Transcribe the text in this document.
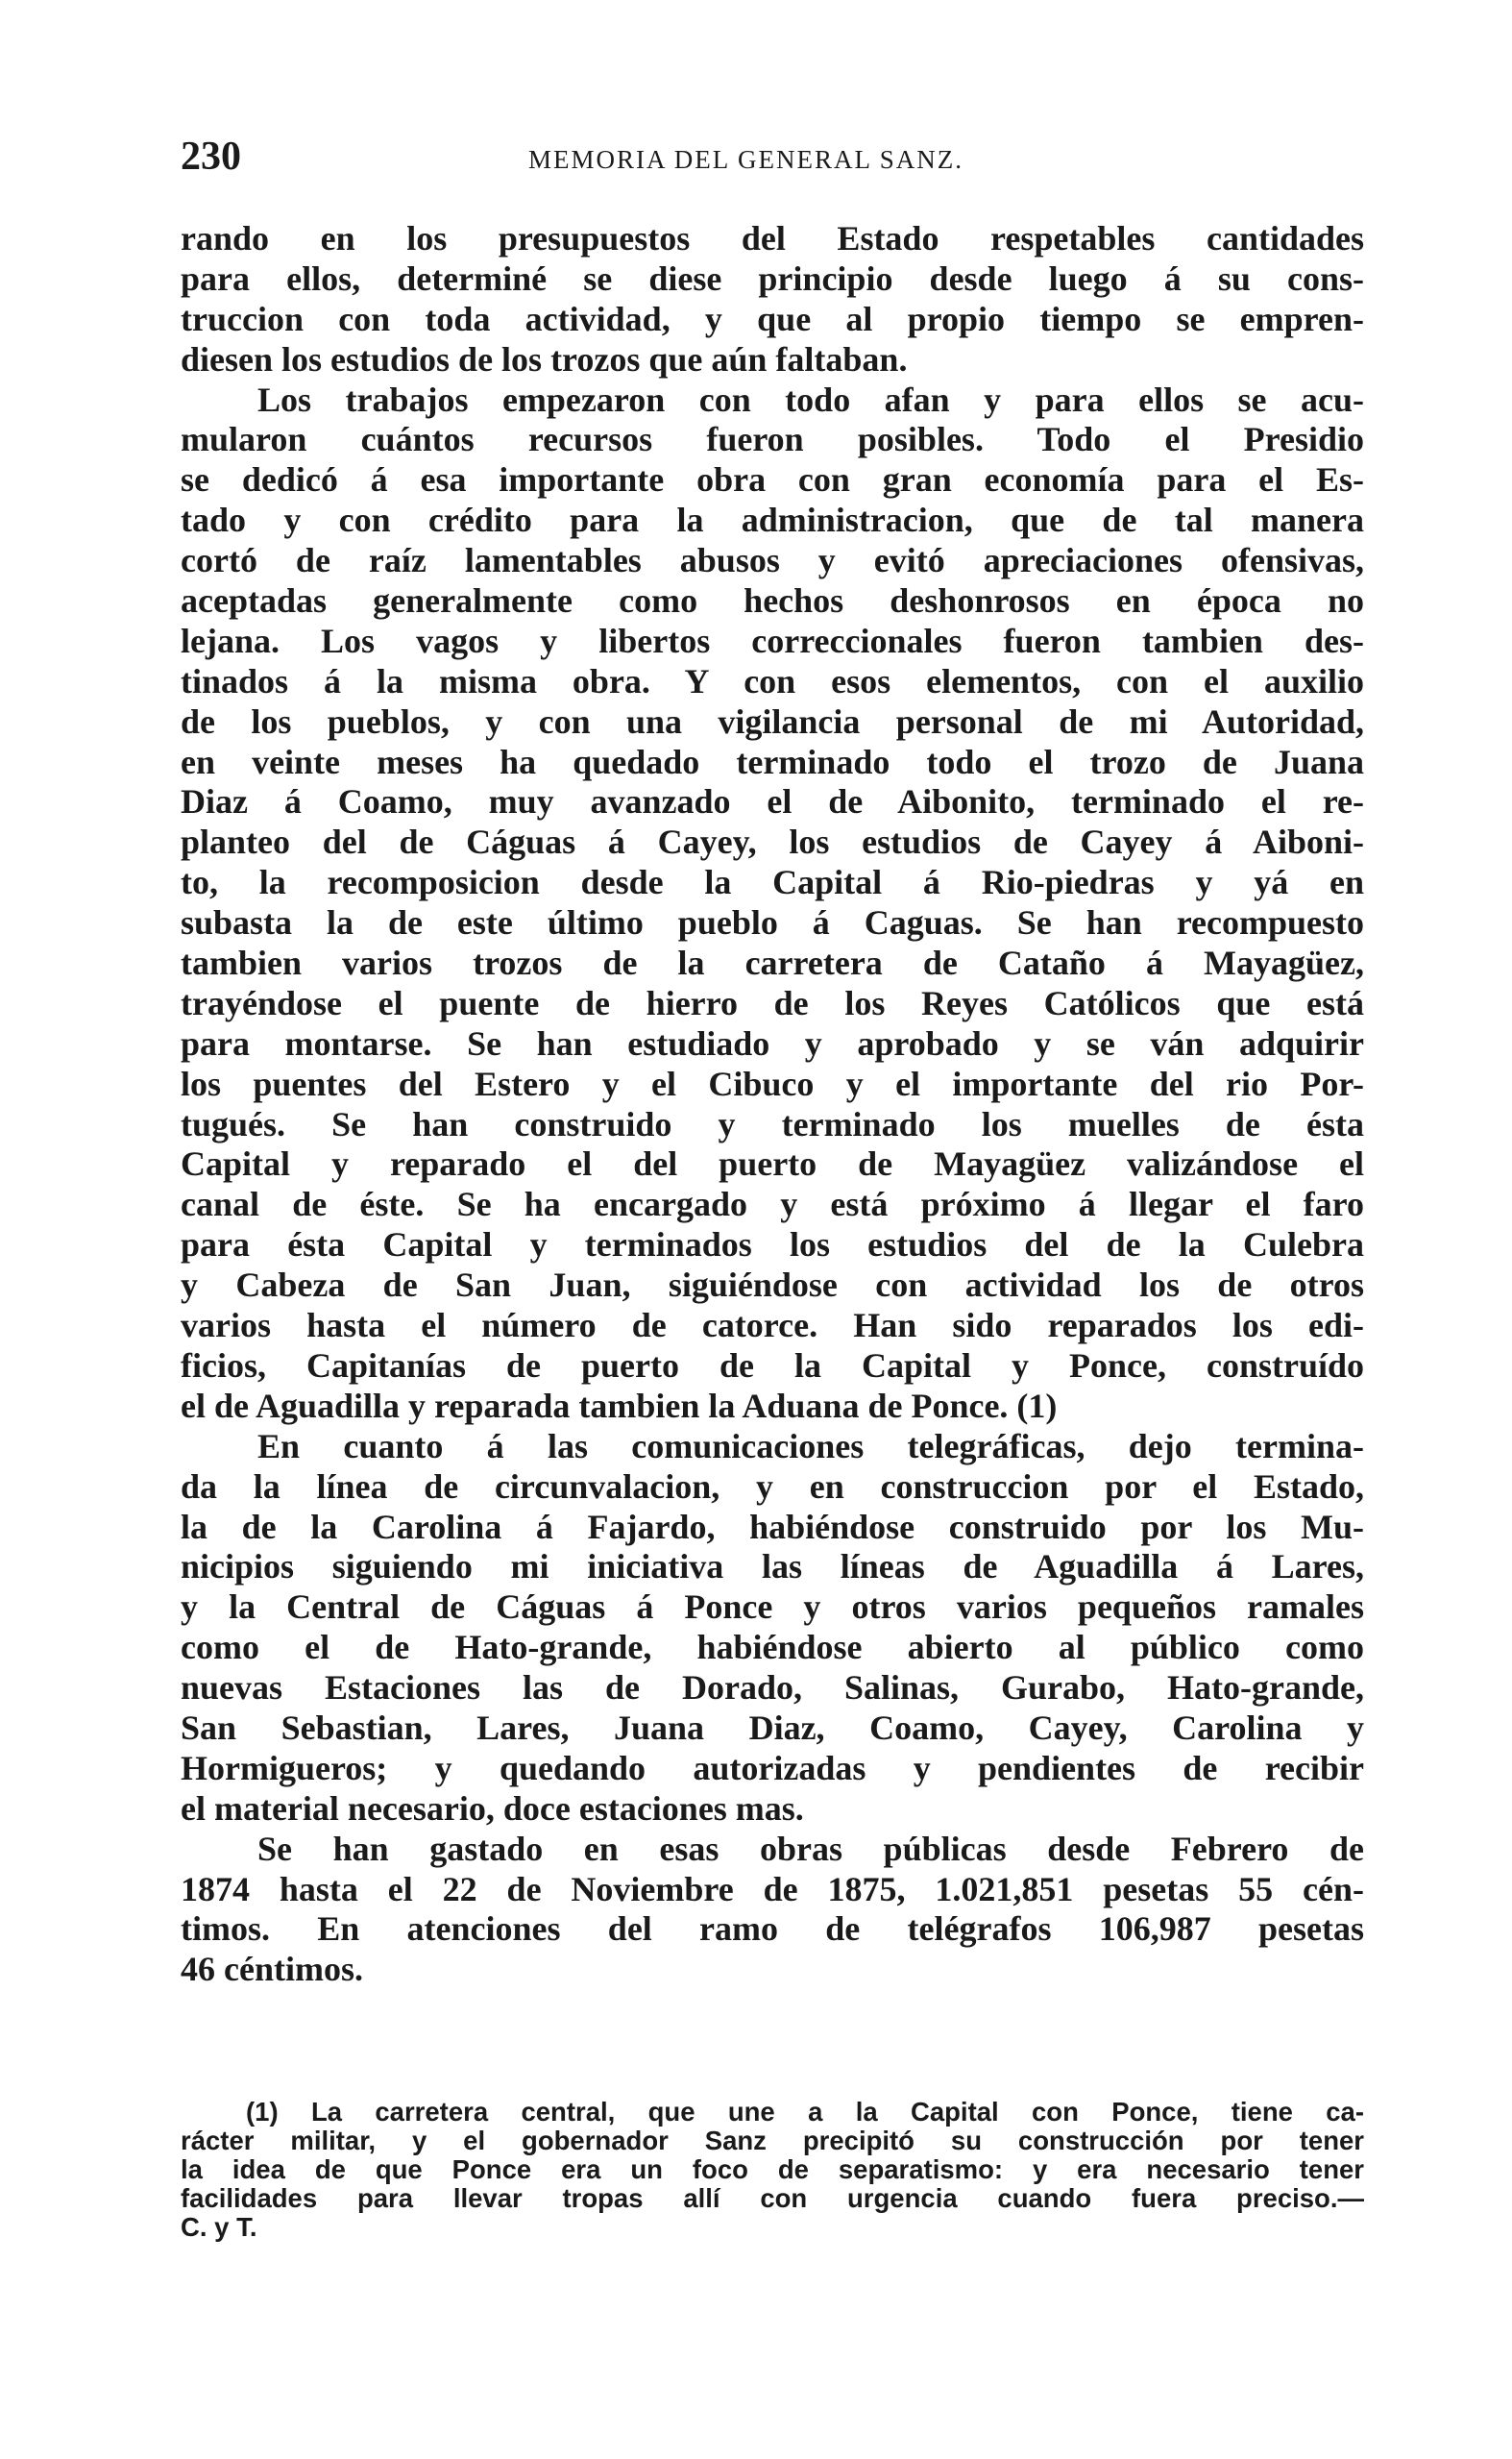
230	MEMORIA DEL GENERAL SANZ.
rando en los presupuestos del Estado respetables cantidades
para ellos, determiné se diese principio desde luego á su cons-
truccion con toda actividad, y que al propio tiempo se empren-
diesen los estudios de los trozos que aún faltaban.
Los trabajos empezaron con todo afan y para ellos se acu-
mularon cuántos recursos fueron posibles. Todo el Presidio
se dedicó á esa importante obra con gran economía para el Es-
tado y con crédito para la administracion, que de tal manera
cortó de raíz lamentables abusos y evitó apreciaciones ofensivas,
aceptadas generalmente como hechos deshonrosos en época no
lejana. Los vagos y libertos correccionales fueron tambien des-
tinados á la misma obra. Y con esos elementos, con el auxilio
de los pueblos, y con una vigilancia personal de mi Autoridad,
en veinte meses ha quedado terminado todo el trozo de Juana
Diaz á Coamo, muy avanzado el de Aibonito, terminado el re-
planteo del de Cáguas á Cayey, los estudios de Cayey á Aiboni-
to, la recomposicion desde la Capital á Rio-piedras y yá en
subasta la de este último pueblo á Caguas. Se han recompuesto
tambien varios trozos de la carretera de Cataño á Mayagüez,
trayéndose el puente de hierro de los Reyes Católicos que está
para montarse. Se han estudiado y aprobado y se ván adquirir
los puentes del Estero y el Cibuco y el importante del rio Por-
tugués. Se han construido y terminado los muelles de ésta
Capital y reparado el del puerto de Mayagüez valizándose el
canal de éste. Se ha encargado y está próximo á llegar el faro
para ésta Capital y terminados los estudios del de la Culebra
y Cabeza de San Juan, siguiéndose con actividad los de otros
varios hasta el número de catorce. Han sido reparados los edi-
ficios, Capitanías de puerto de la Capital y Ponce, construído
el de Aguadilla y reparada tambien la Aduana de Ponce. (1)
En cuanto á las comunicaciones telegráficas, dejo termina-
da la línea de circunvalacion, y en construccion por el Estado,
la de la Carolina á Fajardo, habiéndose construido por los Mu-
nicipios siguiendo mi iniciativa las líneas de Aguadilla á Lares,
y la Central de Cáguas á Ponce y otros varios pequeños ramales
como el de Hato-grande, habiéndose abierto al público como
nuevas Estaciones las de Dorado, Salinas, Gurabo, Hato-grande,
San Sebastian, Lares, Juana Diaz, Coamo, Cayey, Carolina y
Hormigueros; y quedando autorizadas y pendientes de recibir
el material necesario, doce estaciones mas.
Se han gastado en esas obras públicas desde Febrero de
1874 hasta el 22 de Noviembre de 1875, 1.021,851 pesetas 55 cén-
timos. En atenciones del ramo de telégrafos 106,987 pesetas
46 céntimos.
(1) La carretera central, que une a la Capital con Ponce, tiene ca-
rácter militar, y el gobernador Sanz precipitó su construcción por tener
la idea de que Ponce era un foco de separatismo: y era necesario tener
facilidades para llevar tropas allí con urgencia cuando fuera preciso.—
C. y T.
